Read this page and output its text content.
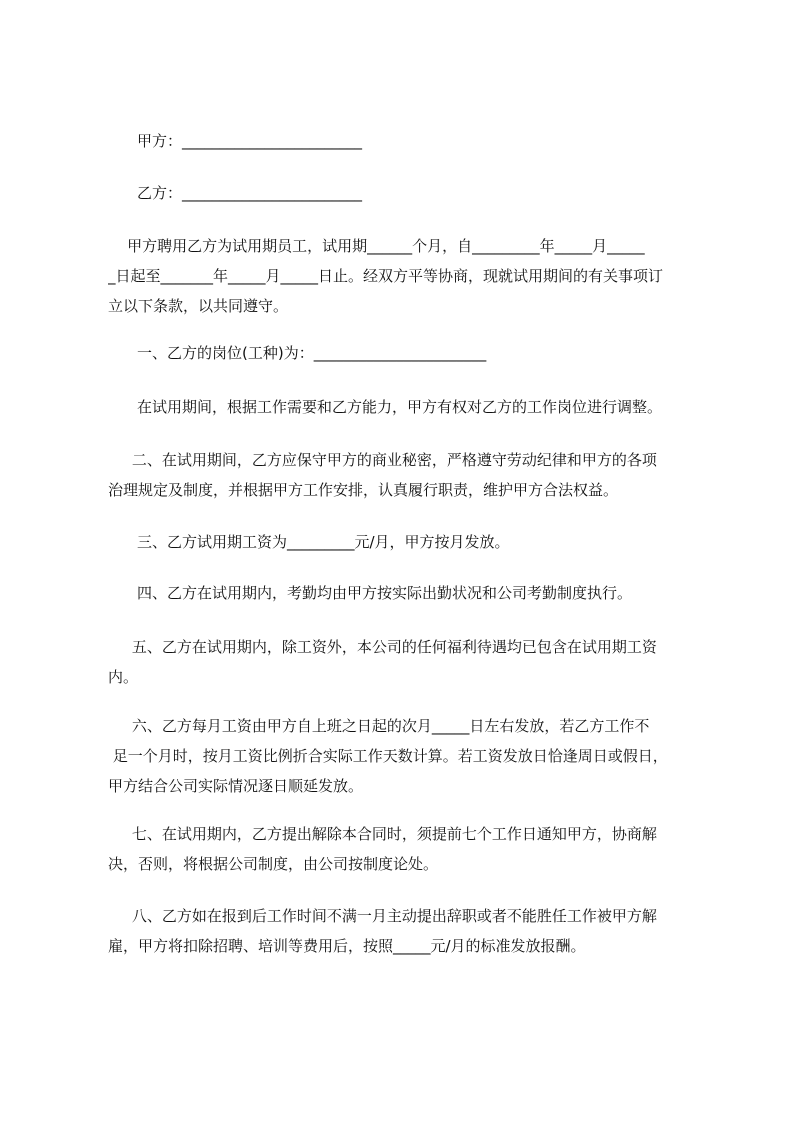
甲方：________________________

乙方：________________________

甲方聘用乙方为试用期员工，试用期______个月，自_________年_____月_____
_日起至_______年_____月_____日止。经双方平等协商，现就试用期间的有关事项订
立以下条款，以共同遵守。

一、乙方的岗位(工种)为：_______________________

在试用期间，根据工作需要和乙方能力，甲方有权对乙方的工作岗位进行调整。

二、在试用期间，乙方应保守甲方的商业秘密，严格遵守劳动纪律和甲方的各项
治理规定及制度，并根据甲方工作安排，认真履行职责，维护甲方合法权益。

三、乙方试用期工资为_________元/月，甲方按月发放。

四、乙方在试用期内，考勤均由甲方按实际出勤状况和公司考勤制度执行。

五、乙方在试用期内，除工资外，本公司的任何福利待遇均已包含在试用期工资
内。
六、乙方每月工资由甲方自上班之日起的次月_____日左右发放，若乙方工作不
足一个月时，按月工资比例折合实际工作天数计算。若工资发放日恰逢周日或假日，
甲方结合公司实际情况逐日顺延发放。
七、在试用期内，乙方提出解除本合同时，须提前七个工作日通知甲方，协商解
决，否则，将根据公司制度，由公司按制度论处。
八、乙方如在报到后工作时间不满一月主动提出辞职或者不能胜任工作被甲方解
雇，甲方将扣除招聘、培训等费用后，按照_____元/月的标准发放报酬。
